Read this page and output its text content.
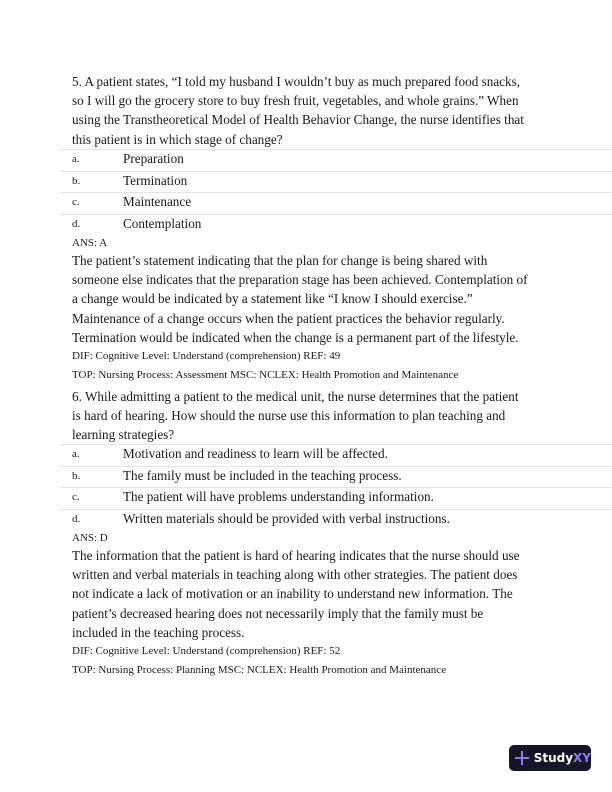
5. A patient states, “I told my husband I wouldn’t buy as much prepared food snacks,

so I will go the grocery store to buy fresh fruit, vegetables, and whole grains.” When

using the Transtheoretical Model of Health Behavior Change, the nurse identifies that

this patient is in which stage of change?

a.	Preparation
b.	Termination
c.	Maintenance
d.	Contemplation

ANS: A

The patient’s statement indicating that the plan for change is being shared with

someone else indicates that the preparation stage has been achieved. Contemplation of

a change would be indicated by a statement like “I know I should exercise.”

Maintenance of a change occurs when the patient practices the behavior regularly.

Termination would be indicated when the change is a permanent part of the lifestyle.

DIF: Cognitive Level: Understand (comprehension) REF: 49

TOP: Nursing Process: Assessment MSC: NCLEX: Health Promotion and Maintenance

6. While admitting a patient to the medical unit, the nurse determines that the patient

is hard of hearing. How should the nurse use this information to plan teaching and

learning strategies?

a.	Motivation and readiness to learn will be affected.
b.	The family must be included in the teaching process.
c.	The patient will have problems understanding information.
d.	Written materials should be provided with verbal instructions.

ANS: D

The information that the patient is hard of hearing indicates that the nurse should use

written and verbal materials in teaching along with other strategies. The patient does

not indicate a lack of motivation or an inability to understand new information. The

patient’s decreased hearing does not necessarily imply that the family must be

included in the teaching process.

DIF: Cognitive Level: Understand (comprehension) REF: 52

TOP: Nursing Process: Planning MSC: NCLEX: Health Promotion and Maintenance

Study XY
